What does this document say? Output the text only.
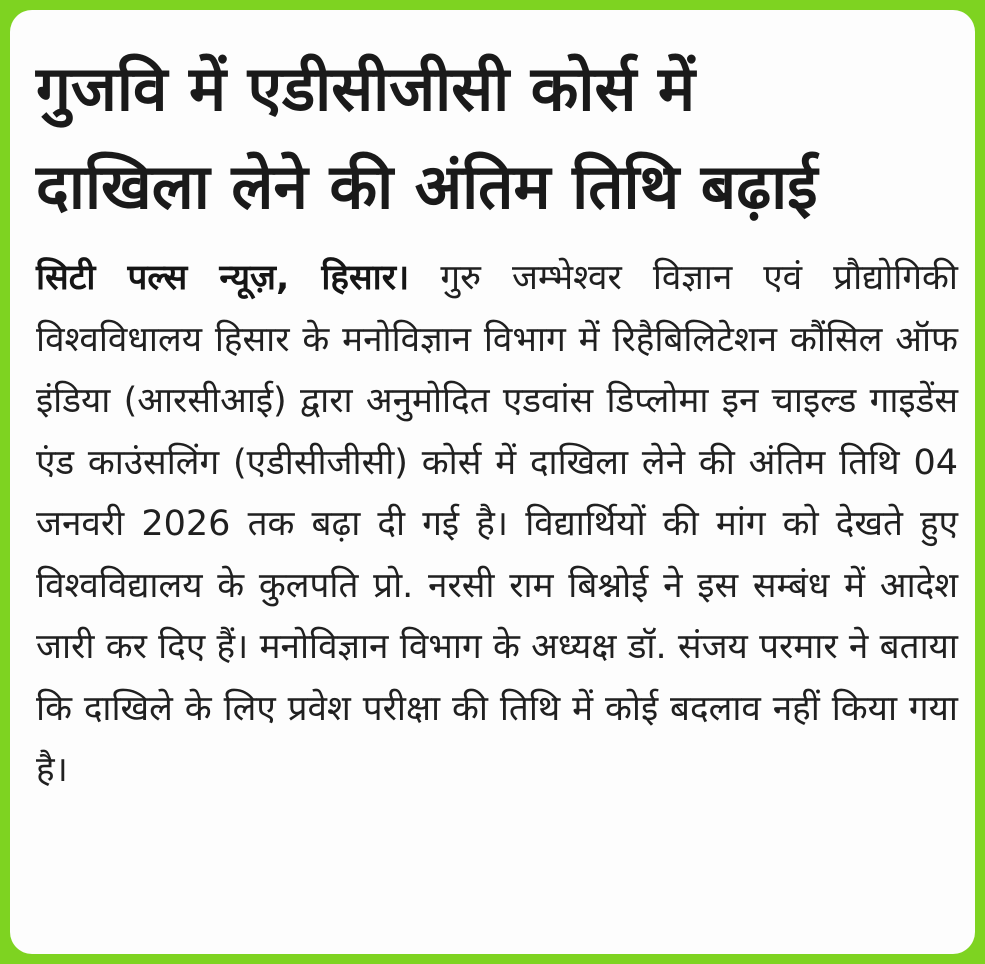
गुजवि में एडीसीजीसी कोर्स में
दाखिला लेने की अंतिम तिथि बढ़ाई

सिटी पल्स न्यूज़, हिसार। गुरु जम्भेश्वर विज्ञान एवं प्रौद्योगिकी विश्वविधालय हिसार के मनोविज्ञान विभाग में रिहैबिलिटेशन कौंसिल ऑफ इंडिया (आरसीआई) द्वारा अनुमोदित एडवांस डिप्लोमा इन चाइल्ड गाइडेंस एंड काउंसलिंग (एडीसीजीसी) कोर्स में दाखिला लेने की अंतिम तिथि 04 जनवरी 2026 तक बढ़ा दी गई है। विद्यार्थियों की मांग को देखते हुए विश्वविद्यालय के कुलपति प्रो. नरसी राम बिश्नोई ने इस सम्बंध में आदेश जारी कर दिए हैं। मनोविज्ञान विभाग के अध्यक्ष डॉ. संजय परमार ने बताया कि दाखिले के लिए प्रवेश परीक्षा की तिथि में कोई बदलाव नहीं किया गया है।
